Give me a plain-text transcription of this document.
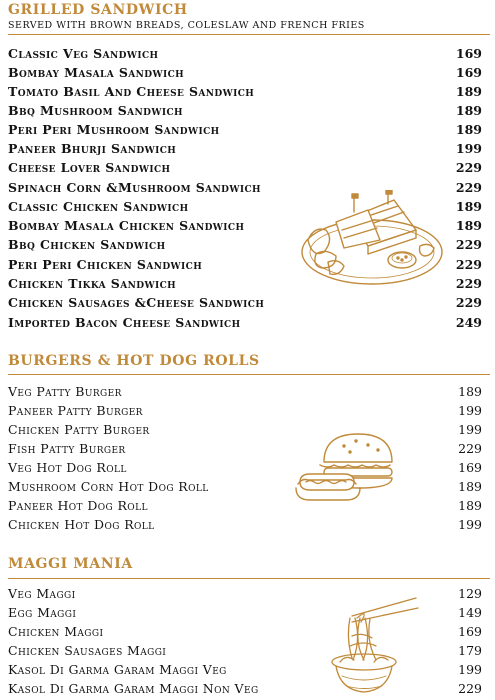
GRILLED SANDWICH
SERVED WITH BROWN BREADS, COLESLAW AND FRENCH FRIES
Classic Veg Sandwich	169
Bombay Masala Sandwich	169
Tomato Basil And Cheese Sandwich	189
Bbq Mushroom Sandwich	189
Peri Peri Mushroom Sandwich	189
Paneer Bhurji Sandwich	199
Cheese Lover Sandwich	229
Spinach Corn &Mushroom Sandwich	229
Classic Chicken Sandwich	189
Bombay Masala Chicken Sandwich	189
Bbq Chicken Sandwich	229
Peri Peri Chicken Sandwich	229
Chicken Tikka Sandwich	229
Chicken Sausages &Cheese Sandwich	229
Imported Bacon Cheese Sandwich	249
BURGERS & HOT DOG ROLLS
Veg Patty Burger	189
Paneer Patty Burger	199
Chicken Patty Burger	199
Fish Patty Burger	229
Veg Hot Dog Roll	169
Mushroom Corn Hot Dog Roll	189
Paneer Hot Dog Roll	189
Chicken Hot Dog Roll	199
MAGGI MANIA
Veg Maggi	129
Egg Maggi	149
Chicken Maggi	169
Chicken Sausages Maggi	179
Kasol Di Garma Garam Maggi Veg	199
Kasol Di Garma Garam Maggi Non Veg	229
